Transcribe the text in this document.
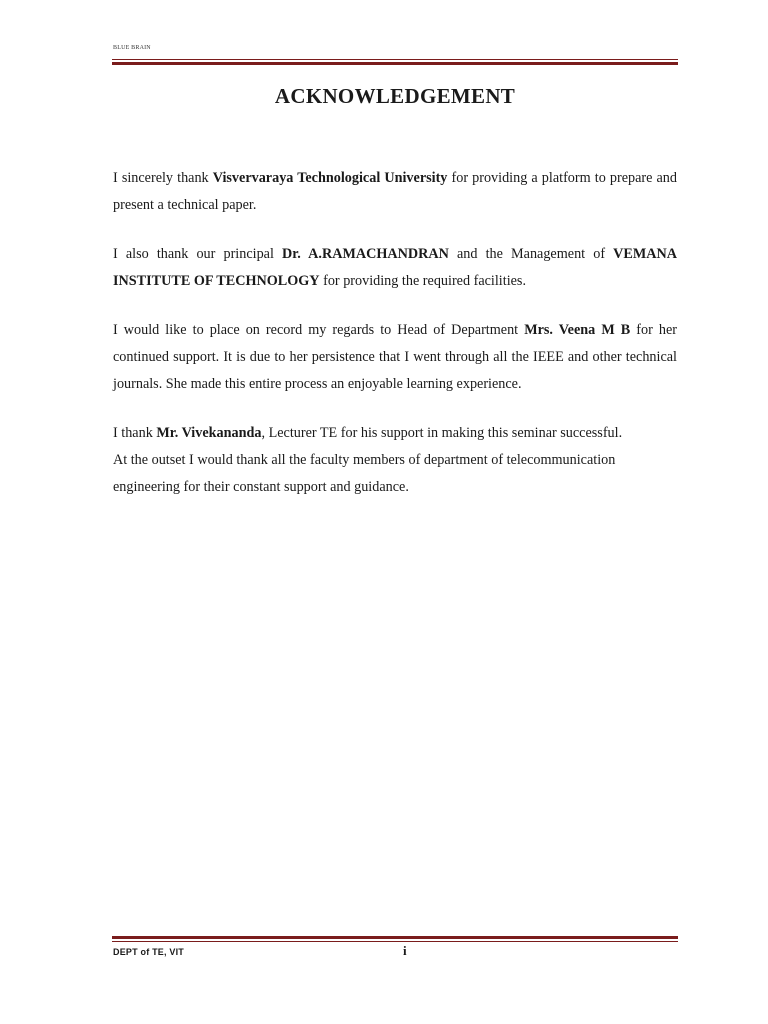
BLUE BRAIN
ACKNOWLEDGEMENT

I sincerely thank Visvervaraya Technological University for providing a platform to prepare and present a technical paper.

I also thank our principal Dr. A.RAMACHANDRAN and the Management of VEMANA INSTITUTE OF TECHNOLOGY for providing the required facilities.

I would like to place on record my regards to Head of Department Mrs. Veena M B for her continued support. It is due to her persistence that I went through all the IEEE and other technical journals. She made this entire process an enjoyable learning experience.

I thank Mr. Vivekananda, Lecturer TE for his support in making this seminar successful.

At the outset I would thank all the faculty members of department of telecommunication engineering for their constant support and guidance.

DEPT of TE, VIT	i
